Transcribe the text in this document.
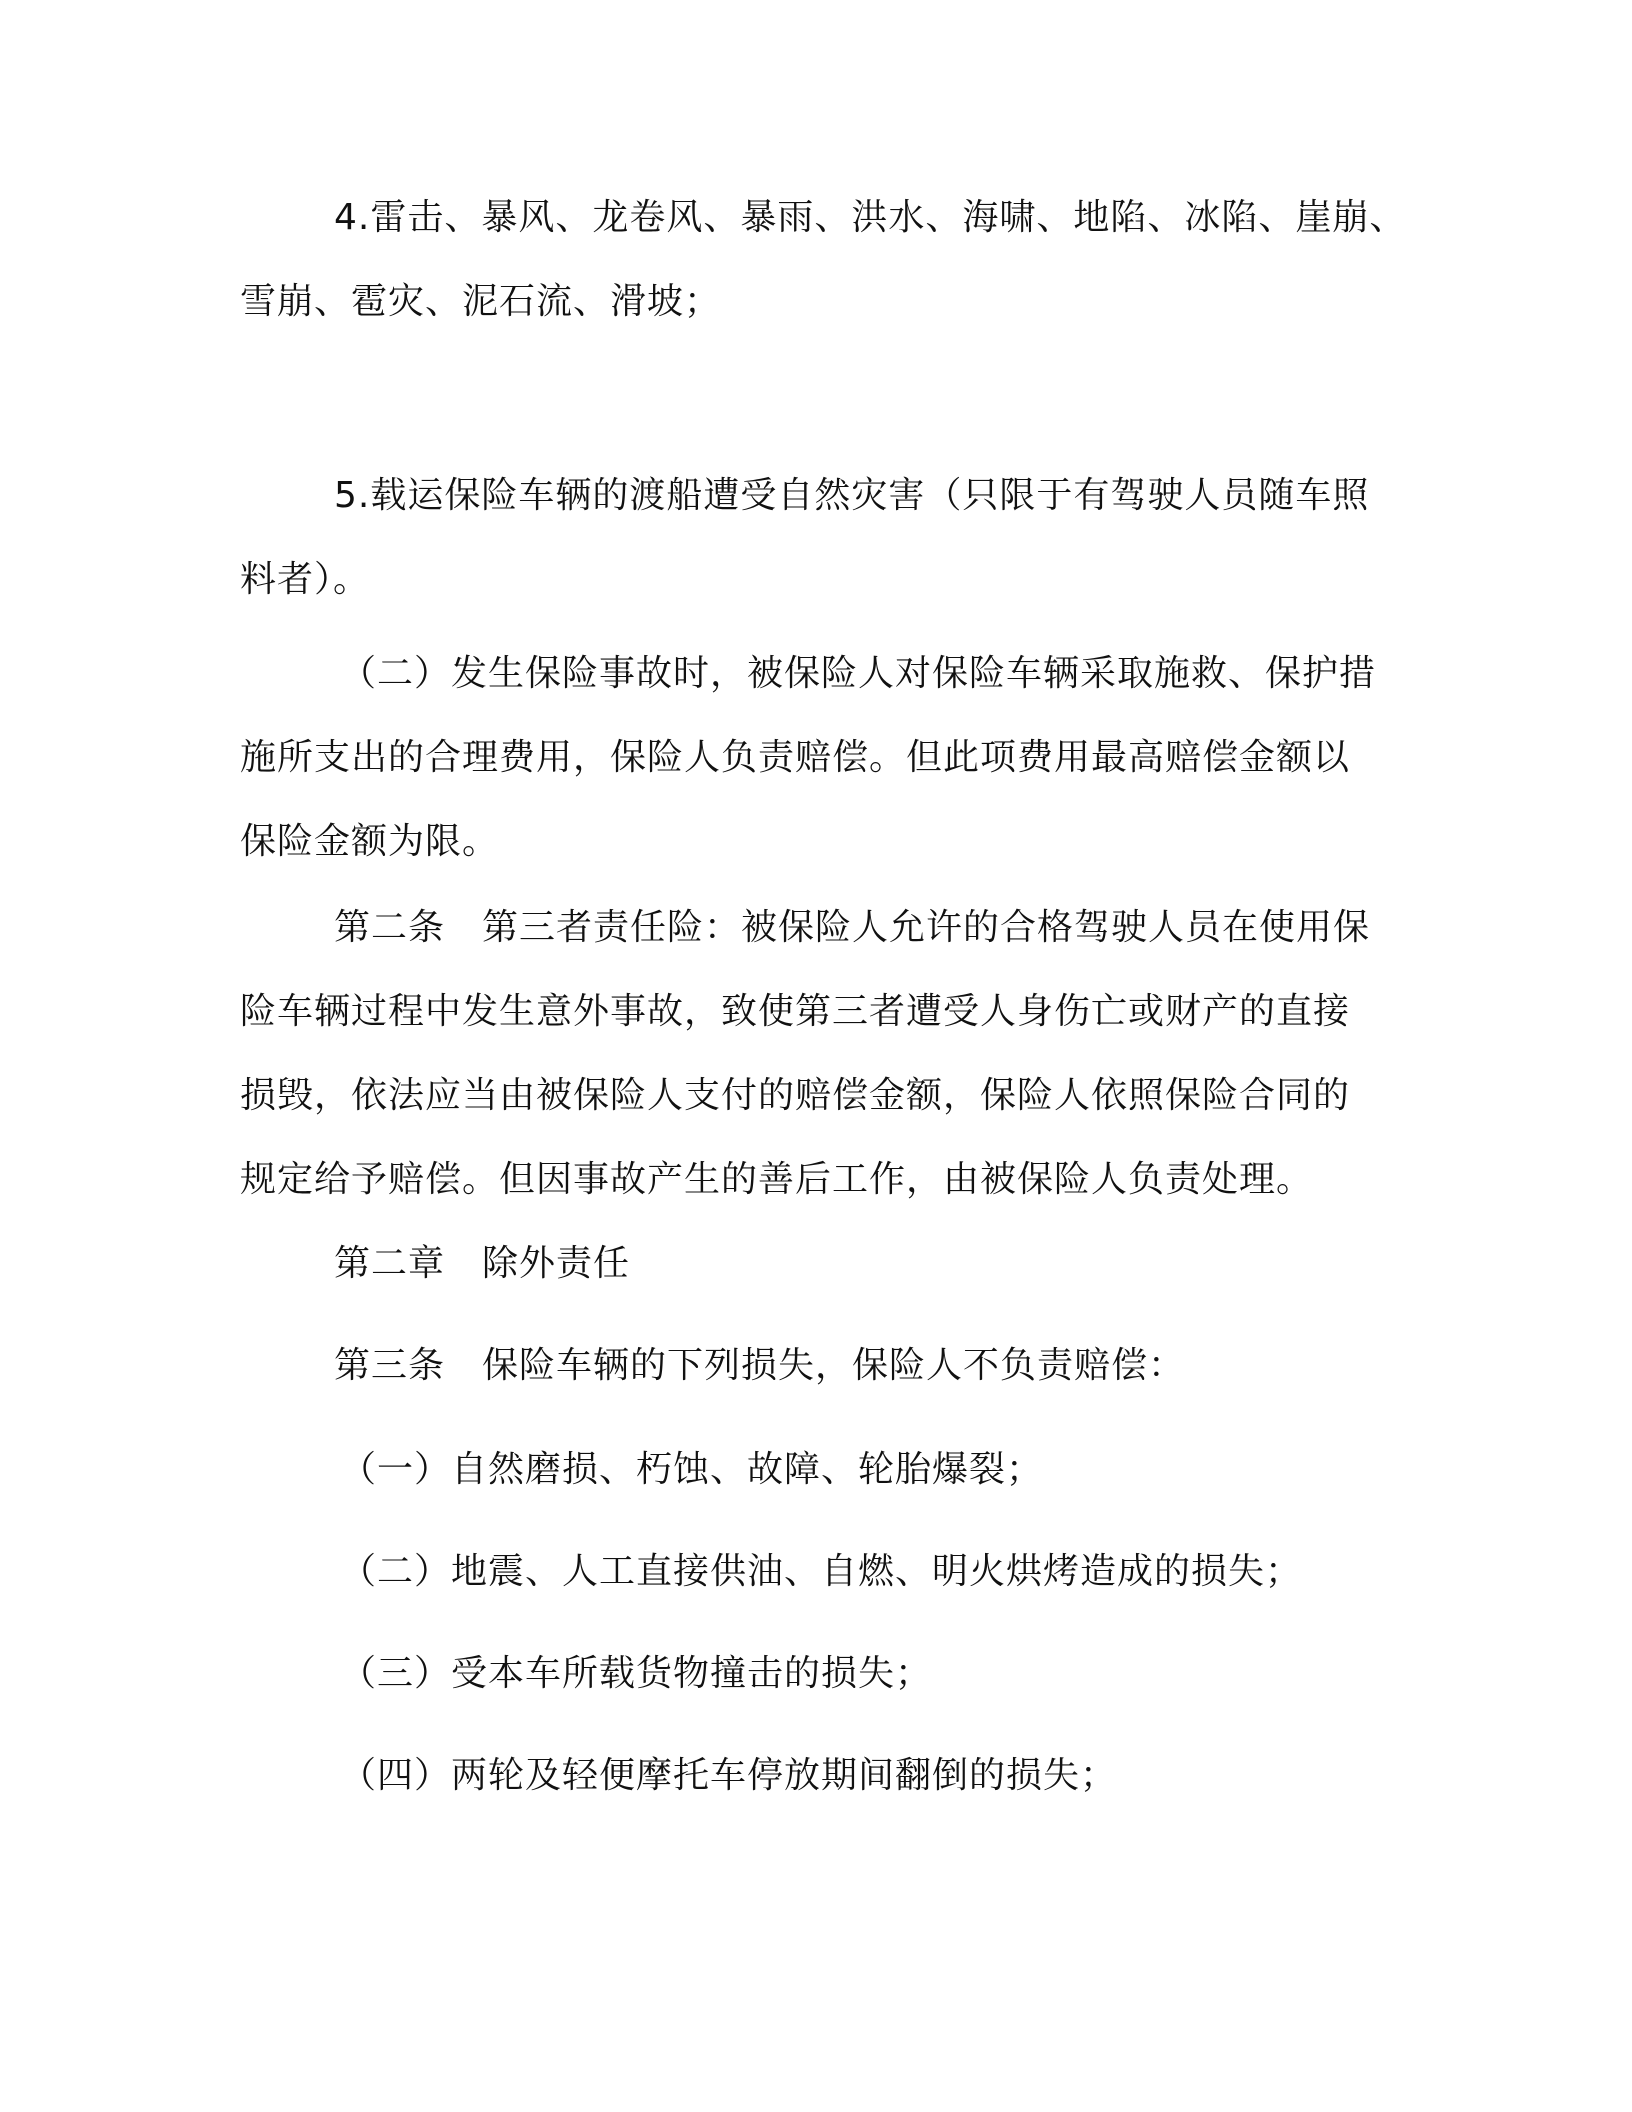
4.雷击、暴风、龙卷风、暴雨、洪水、海啸、地陷、冰陷、崖崩、
雪崩、雹灾、泥石流、滑坡；
5.载运保险车辆的渡船遭受自然灾害（只限于有驾驶人员随车照
料者）。
（二）发生保险事故时，被保险人对保险车辆采取施救、保护措
施所支出的合理费用，保险人负责赔偿。但此项费用最高赔偿金额以
保险金额为限。
第二条　第三者责任险：被保险人允许的合格驾驶人员在使用保
险车辆过程中发生意外事故，致使第三者遭受人身伤亡或财产的直接
损毁，依法应当由被保险人支付的赔偿金额，保险人依照保险合同的
规定给予赔偿。但因事故产生的善后工作，由被保险人负责处理。
第二章　除外责任
第三条　保险车辆的下列损失，保险人不负责赔偿：
（一）自然磨损、朽蚀、故障、轮胎爆裂；
（二）地震、人工直接供油、自燃、明火烘烤造成的损失；
（三）受本车所载货物撞击的损失；
（四）两轮及轻便摩托车停放期间翻倒的损失；
